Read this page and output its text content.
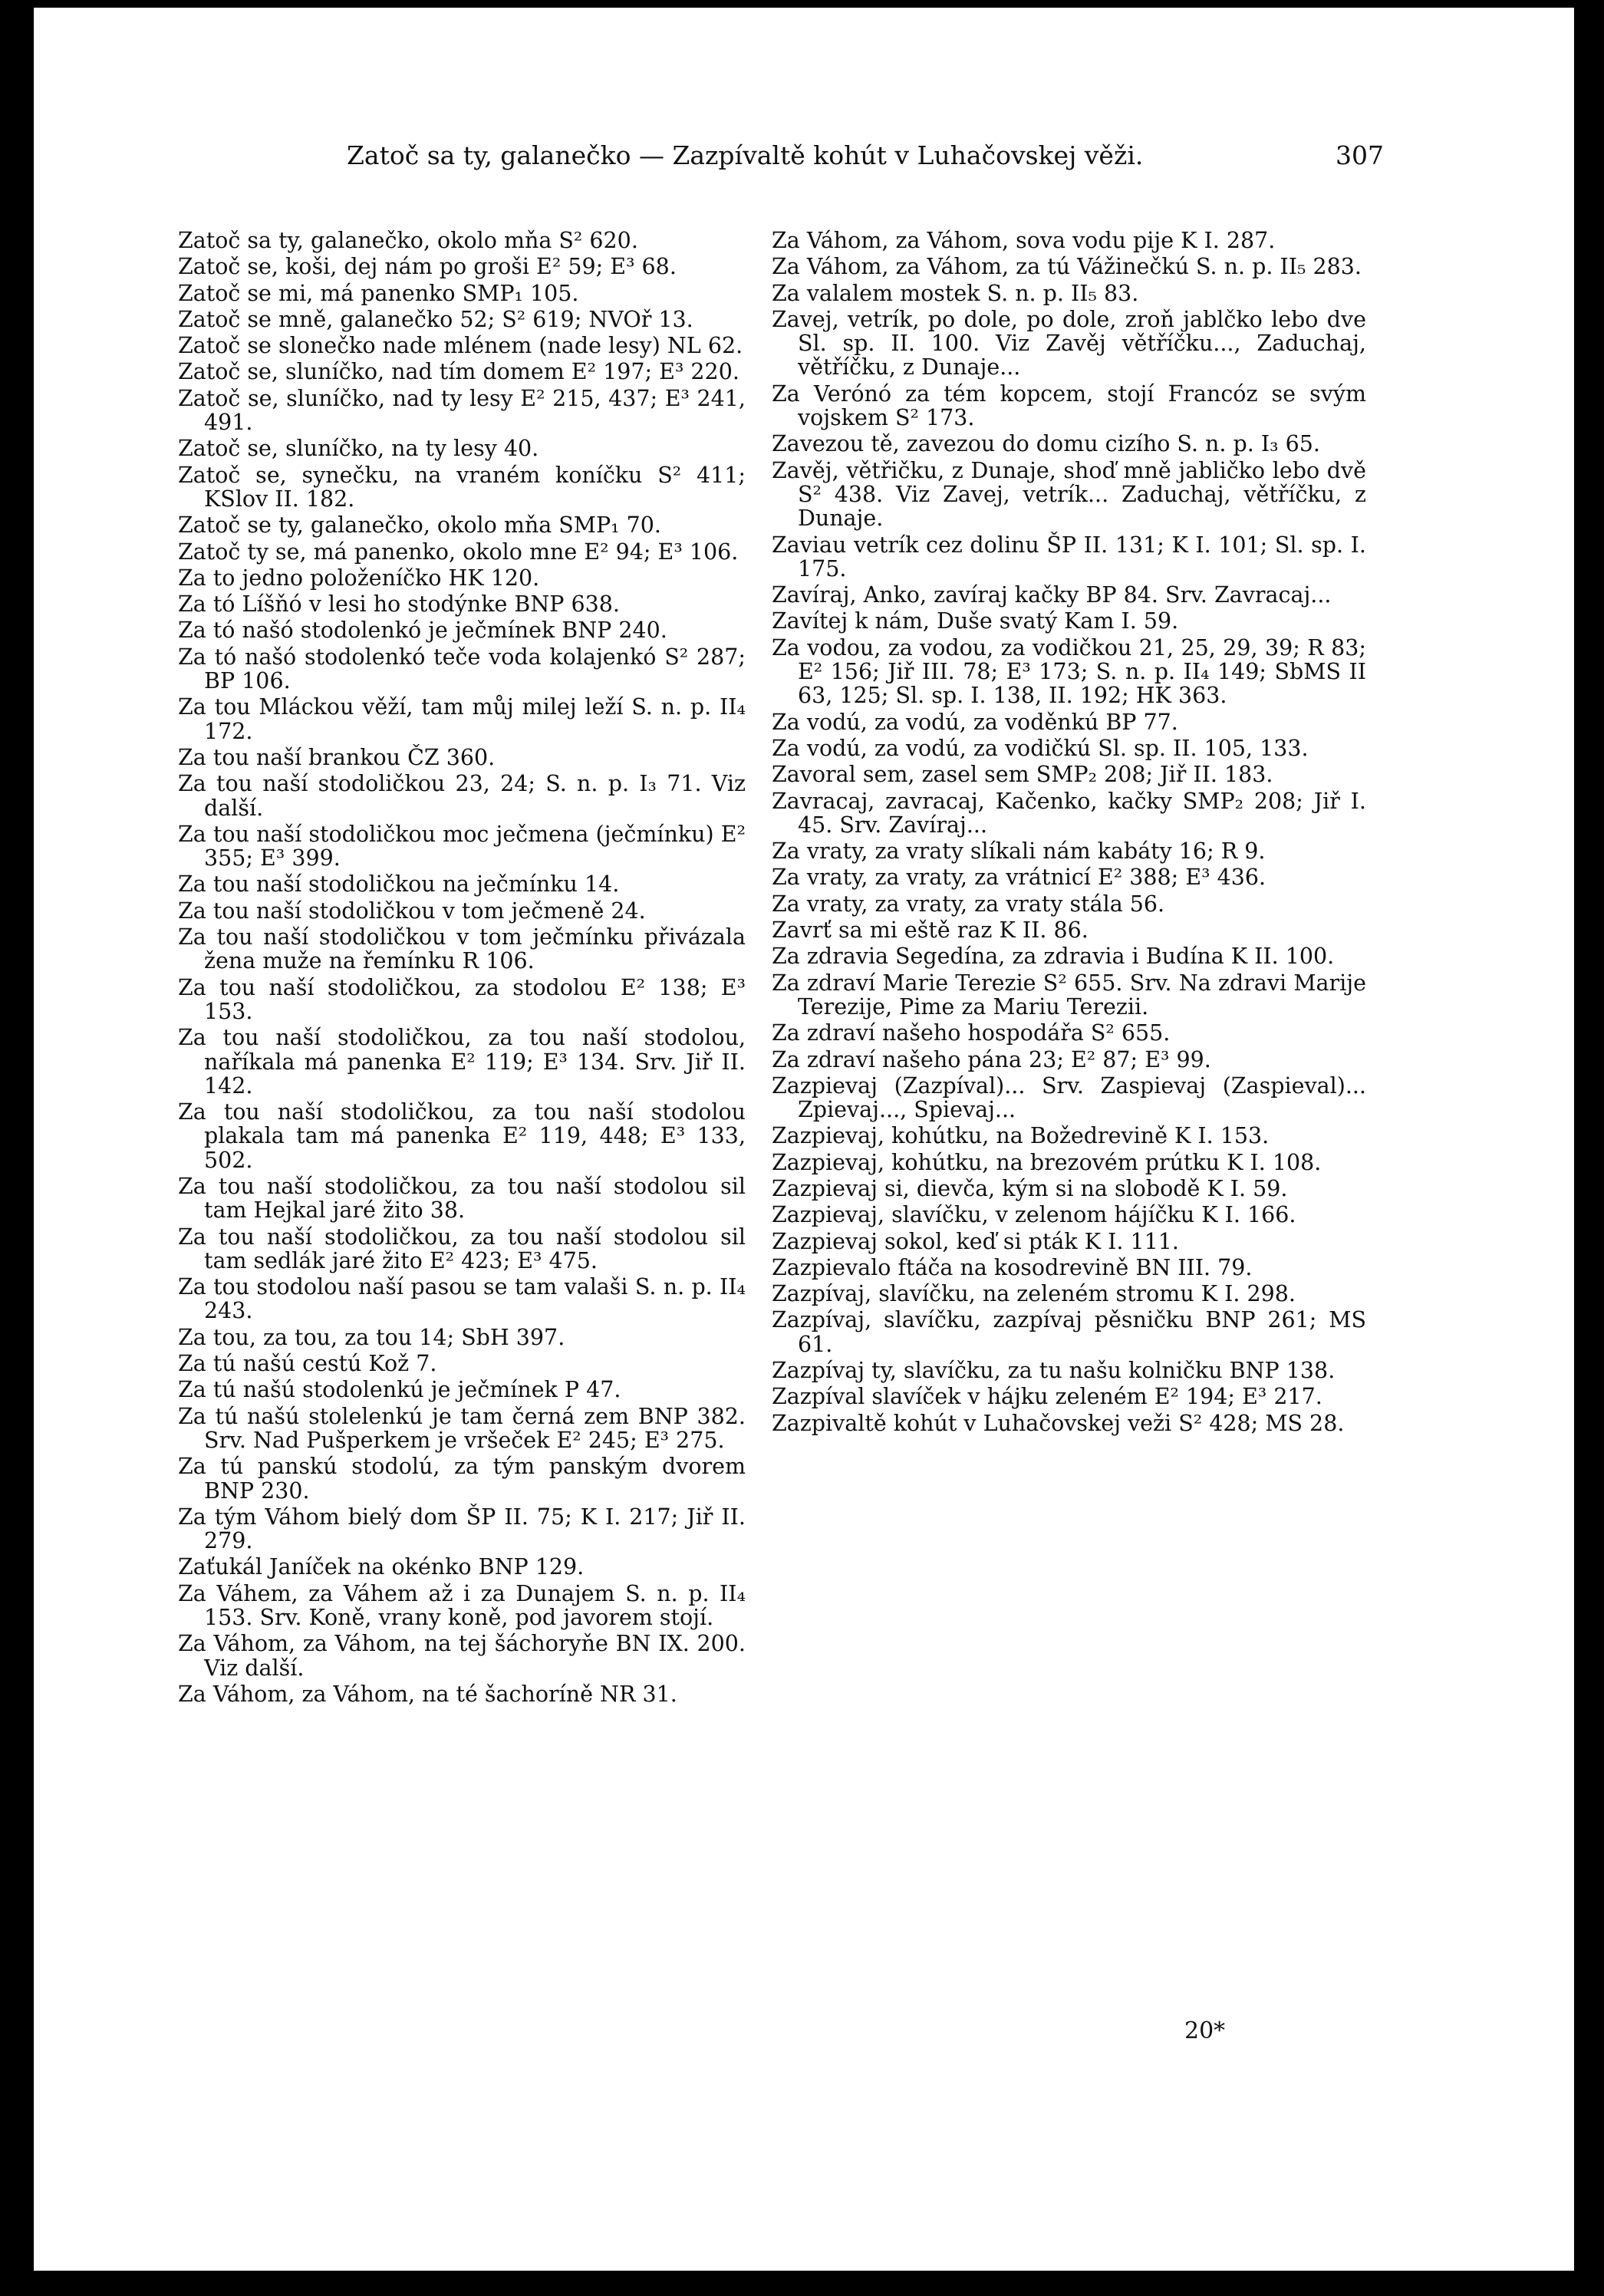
Zatoč sa ty, galanečko — Zazpívaltě kohút v Luhačovskej věži.	307
Zatoč sa ty, galanečko, okolo mňa S² 620.
Zatoč se, koši, dej nám po groši E² 59; E³ 68.
Zatoč se mi, má panenko SMP₁ 105.
Zatoč se mně, galanečko 52; S² 619; NVOř 13.
Zatoč se slonečko nade mlénem (nade lesy) NL 62.
Zatoč se, sluníčko, nad tím domem E² 197; E³ 220.
Zatoč se, sluníčko, nad ty lesy E² 215, 437; E³ 241, 491.
Zatoč se, sluníčko, na ty lesy 40.
Zatoč se, synečku, na vraném koníčku S² 411; KSlov II. 182.
Zatoč se ty, galanečko, okolo mňa SMP₁ 70.
Zatoč ty se, má panenko, okolo mne E² 94; E³ 106.
Za to jedno položeníčko HK 120.
Za tó Líšňó v lesi ho stodýnke BNP 638.
Za tó našó stodolenkó je ječmínek BNP 240.
Za tó našó stodolenkó teče voda kolajenkó S² 287; BP 106.
Za tou Mláckou věží, tam můj milej leží S. n. p. II₄ 172.
Za tou naší brankou ČZ 360.
Za tou naší stodoličkou 23, 24; S. n. p. I₃ 71. Viz další.
Za tou naší stodoličkou moc ječmena (ječmínku) E² 355; E³ 399.
Za tou naší stodoličkou na ječmínku 14.
Za tou naší stodoličkou v tom ječmeně 24.
Za tou naší stodoličkou v tom ječmínku přivázala žena muže na řemínku R 106.
Za tou naší stodoličkou, za stodolou E² 138; E³ 153.
Za tou naší stodoličkou, za tou naší stodolou, naříkala má panenka E² 119; E³ 134. Srv. Jiř II. 142.
Za tou naší stodoličkou, za tou naší stodolou plakala tam má panenka E² 119, 448; E³ 133, 502.
Za tou naší stodoličkou, za tou naší stodolou sil tam Hejkal jaré žito 38.
Za tou naší stodoličkou, za tou naší stodolou sil tam sedlák jaré žito E² 423; E³ 475.
Za tou stodolou naší pasou se tam valaši S. n. p. II₄ 243.
Za tou, za tou, za tou 14; SbH 397.
Za tú našú cestú Kož 7.
Za tú našú stodolenkú je ječmínek P 47.
Za tú našú stolelenkú je tam černá zem BNP 382. Srv. Nad Pušperkem je vršeček E² 245; E³ 275.
Za tú panskú stodolú, za tým panským dvorem BNP 230.
Za tým Váhom bielý dom ŠP II. 75; K I. 217; Jiř II. 279.
Zaťukál Janíček na okénko BNP 129.
Za Váhem, za Váhem až i za Dunajem S. n. p. II₄ 153. Srv. Koně, vrany koně, pod javorem stojí.
Za Váhom, za Váhom, na tej šáchoryňe BN IX. 200. Viz další.
Za Váhom, za Váhom, na té šachoríně NR 31.
Za Váhom, za Váhom, sova vodu pije K I. 287.
Za Váhom, za Váhom, za tú Vážinečkú S. n. p. II₅ 283.
Za valalem mostek S. n. p. II₅ 83.
Zavej, vetrík, po dole, po dole, zroň jablčko lebo dve Sl. sp. II. 100. Viz Zavěj větříčku..., Zaduchaj, větříčku, z Dunaje...
Za Verónó za tém kopcem, stojí Francóz se svým vojskem S² 173.
Zavezou tě, zavezou do domu cizího S. n. p. I₃ 65.
Zavěj, větřičku, z Dunaje, shoď mně jabličko lebo dvě S² 438. Viz Zavej, vetrík... Zaduchaj, větříčku, z Dunaje.
Zaviau vetrík cez dolinu ŠP II. 131; K I. 101; Sl. sp. I. 175.
Zavíraj, Anko, zavíraj kačky BP 84. Srv. Zavracaj...
Zavítej k nám, Duše svatý Kam I. 59.
Za vodou, za vodou, za vodičkou 21, 25, 29, 39; R 83; E² 156; Jiř III. 78; E³ 173; S. n. p. II₄ 149; SbMS II 63, 125; Sl. sp. I. 138, II. 192; HK 363.
Za vodú, za vodú, za voděnkú BP 77.
Za vodú, za vodú, za vodičkú Sl. sp. II. 105, 133.
Zavoral sem, zasel sem SMP₂ 208; Jiř II. 183.
Zavracaj, zavracaj, Kačenko, kačky SMP₂ 208; Jiř I. 45. Srv. Zavíraj...
Za vraty, za vraty slíkali nám kabáty 16; R 9.
Za vraty, za vraty, za vrátnicí E² 388; E³ 436.
Za vraty, za vraty, za vraty stála 56.
Zavrť sa mi eště raz K II. 86.
Za zdravia Segedína, za zdravia i Budína K II. 100.
Za zdraví Marie Terezie S² 655. Srv. Na zdravi Marije Terezije, Pime za Mariu Terezii.
Za zdraví našeho hospodářa S² 655.
Za zdraví našeho pána 23; E² 87; E³ 99.
Zazpievaj (Zazpíval)... Srv. Zaspievaj (Zaspieval)... Zpievaj..., Spievaj...
Zazpievaj, kohútku, na Božedrevině K I. 153.
Zazpievaj, kohútku, na brezovém prútku K I. 108.
Zazpievaj si, dievča, kým si na slobodě K I. 59.
Zazpievaj, slavíčku, v zelenom hájíčku K I. 166.
Zazpievaj sokol, keď si pták K I. 111.
Zazpievalo ftáča na kosodrevině BN III. 79.
Zazpívaj, slavíčku, na zeleném stromu K I. 298.
Zazpívaj, slavíčku, zazpívaj pěsničku BNP 261; MS 61.
Zazpívaj ty, slavíčku, za tu našu kolničku BNP 138.
Zazpíval slavíček v hájku zeleném E² 194; E³ 217.
Zazpivaltě kohút v Luhačovskej veži S² 428; MS 28.
20*
